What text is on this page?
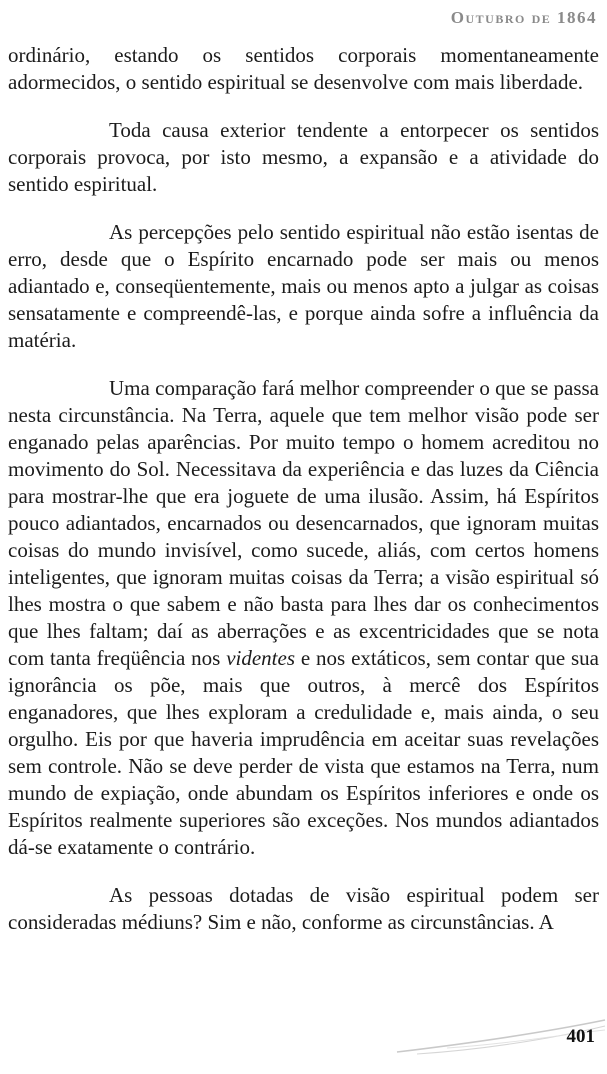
Outubro de 1864

ordinário, estando os sentidos corporais momentaneamente adormecidos, o sentido espiritual se desenvolve com mais liberdade.

Toda causa exterior tendente a entorpecer os sentidos corporais provoca, por isto mesmo, a expansão e a atividade do sentido espiritual.

As percepções pelo sentido espiritual não estão isentas de erro, desde que o Espírito encarnado pode ser mais ou menos adiantado e, conseqüentemente, mais ou menos apto a julgar as coisas sensatamente e compreendê-las, e porque ainda sofre a influência da matéria.

Uma comparação fará melhor compreender o que se passa nesta circunstância. Na Terra, aquele que tem melhor visão pode ser enganado pelas aparências. Por muito tempo o homem acreditou no movimento do Sol. Necessitava da experiência e das luzes da Ciência para mostrar-lhe que era joguete de uma ilusão. Assim, há Espíritos pouco adiantados, encarnados ou desencarnados, que ignoram muitas coisas do mundo invisível, como sucede, aliás, com certos homens inteligentes, que ignoram muitas coisas da Terra; a visão espiritual só lhes mostra o que sabem e não basta para lhes dar os conhecimentos que lhes faltam; daí as aberrações e as excentricidades que se nota com tanta freqüência nos videntes e nos extáticos, sem contar que sua ignorância os põe, mais que outros, à mercê dos Espíritos enganadores, que lhes exploram a credulidade e, mais ainda, o seu orgulho. Eis por que haveria imprudência em aceitar suas revelações sem controle. Não se deve perder de vista que estamos na Terra, num mundo de expiação, onde abundam os Espíritos inferiores e onde os Espíritos realmente superiores são exceções. Nos mundos adiantados dá-se exatamente o contrário.

As pessoas dotadas de visão espiritual podem ser consideradas médiuns? Sim e não, conforme as circunstâncias. A

401
